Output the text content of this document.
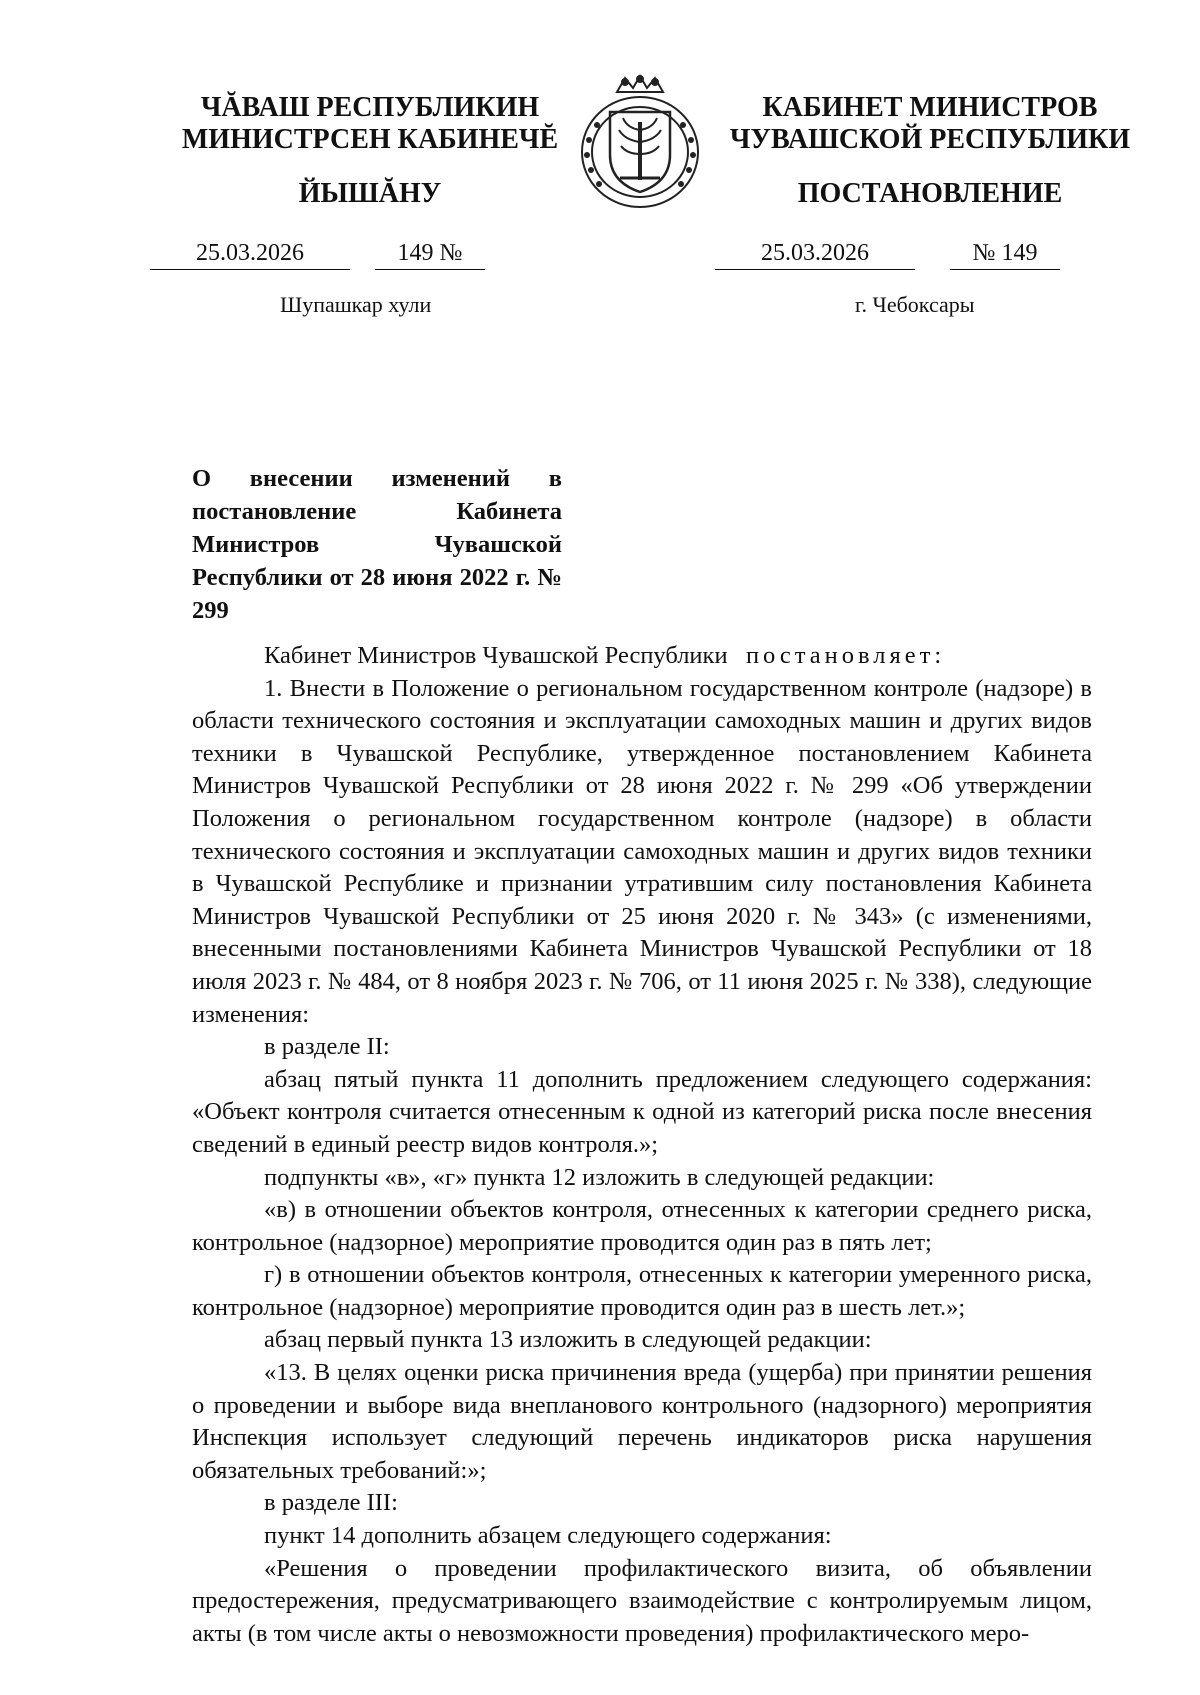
ЧĂВАШ РЕСПУБЛИКИН
МИНИСТРСЕН КАБИНЕЧĔ
ЙЫШĂНУ
КАБИНЕТ МИНИСТРОВ
ЧУВАШСКОЙ РЕСПУБЛИКИ
ПОСТАНОВЛЕНИЕ
25.03.2026	149 №	25.03.2026	№ 149
Шупашкар хули	г. Чебоксары
О внесении изменений в постановление Кабинета Министров Чувашской Республики от 28 июня 2022 г. № 299

Кабинет Министров Чувашской Республики постановляет:

1. Внести в Положение о региональном государственном контроле (надзоре) в области технического состояния и эксплуатации самоходных машин и других видов техники в Чувашской Республике, утвержденное постановлением Кабинета Министров Чувашской Республики от 28 июня 2022 г. № 299 «Об утверждении Положения о региональном государственном контроле (надзоре) в области технического состояния и эксплуатации самоходных машин и других видов техники в Чувашской Республике и признании утратившим силу постановления Кабинета Министров Чувашской Республики от 25 июня 2020 г. № 343» (с изменениями, внесенными постановлениями Кабинета Министров Чувашской Республики от 18 июля 2023 г. № 484, от 8 ноября 2023 г. № 706, от 11 июня 2025 г. № 338), следующие изменения:

в разделе II:

абзац пятый пункта 11 дополнить предложением следующего содержания: «Объект контроля считается отнесенным к одной из категорий риска после внесения сведений в единый реестр видов контроля.»;

подпункты «в», «г» пункта 12 изложить в следующей редакции:

«в) в отношении объектов контроля, отнесенных к категории среднего риска, контрольное (надзорное) мероприятие проводится один раз в пять лет;

г) в отношении объектов контроля, отнесенных к категории умеренного риска, контрольное (надзорное) мероприятие проводится один раз в шесть лет.»;

абзац первый пункта 13 изложить в следующей редакции:

«13. В целях оценки риска причинения вреда (ущерба) при принятии решения о проведении и выборе вида внепланового контрольного (надзорного) мероприятия Инспекция использует следующий перечень индикаторов риска нарушения обязательных требований:»;

в разделе III:

пункт 14 дополнить абзацем следующего содержания:

«Решения о проведении профилактического визита, об объявлении предостережения, предусматривающего взаимодействие с контролируемым лицом, акты (в том числе акты о невозможности проведения) профилактического меро-
